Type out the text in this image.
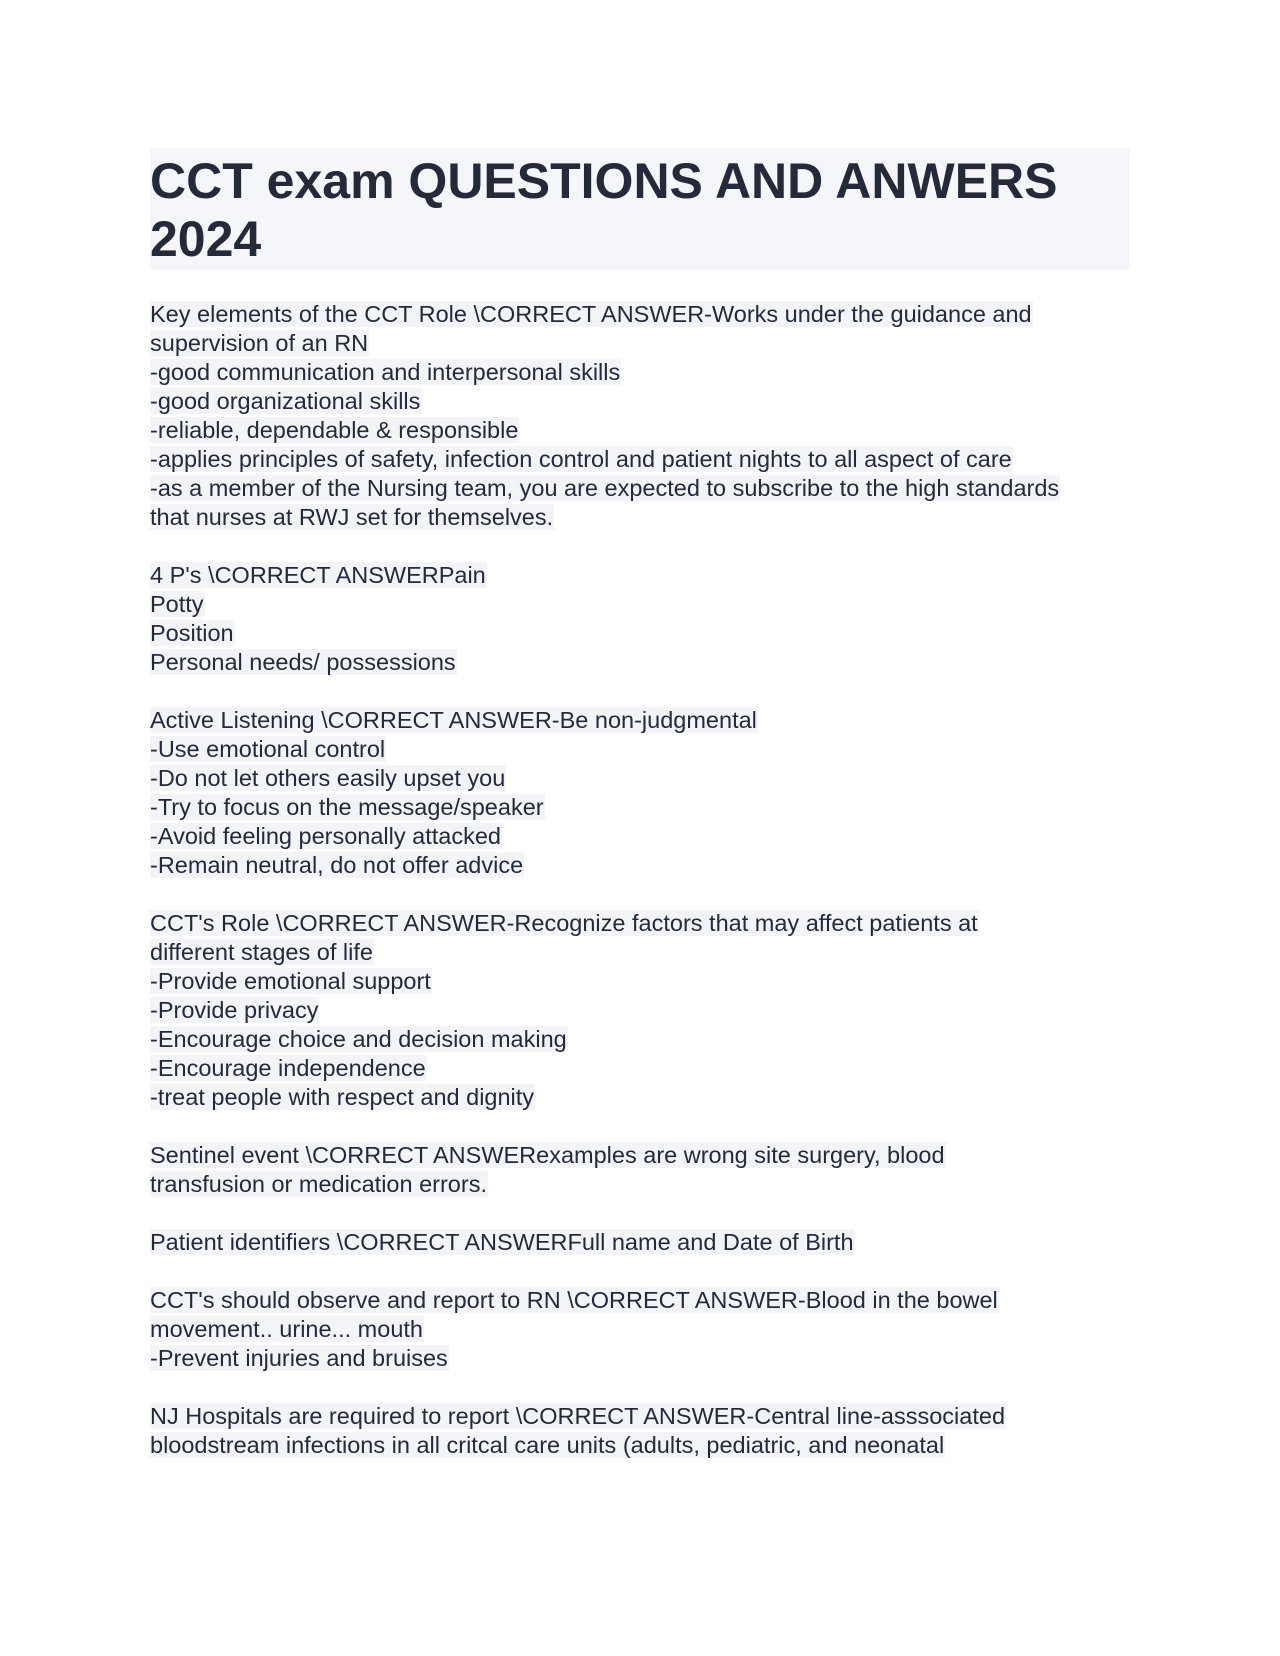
CCT exam QUESTIONS AND ANWERS
2024
Key elements of the CCT Role \CORRECT ANSWER-Works under the guidance and
supervision of an RN
-good communication and interpersonal skills
-good organizational skills
-reliable, dependable & responsible
-applies principles of safety, infection control and patient nights to all aspect of care
-as a member of the Nursing team, you are expected to subscribe to the high standards
that nurses at RWJ set for themselves.
4 P's \CORRECT ANSWERPain
Potty
Position
Personal needs/ possessions
Active Listening \CORRECT ANSWER-Be non-judgmental
-Use emotional control
-Do not let others easily upset you
-Try to focus on the message/speaker
-Avoid feeling personally attacked
-Remain neutral, do not offer advice
CCT's Role \CORRECT ANSWER-Recognize factors that may affect patients at
different stages of life
-Provide emotional support
-Provide privacy
-Encourage choice and decision making
-Encourage independence
-treat people with respect and dignity
Sentinel event \CORRECT ANSWERexamples are wrong site surgery, blood
transfusion or medication errors.
Patient identifiers \CORRECT ANSWERFull name and Date of Birth
CCT's should observe and report to RN \CORRECT ANSWER-Blood in the bowel
movement.. urine... mouth
-Prevent injuries and bruises
NJ Hospitals are required to report \CORRECT ANSWER-Central line-asssociated
bloodstream infections in all critcal care units (adults, pediatric, and neonatal
